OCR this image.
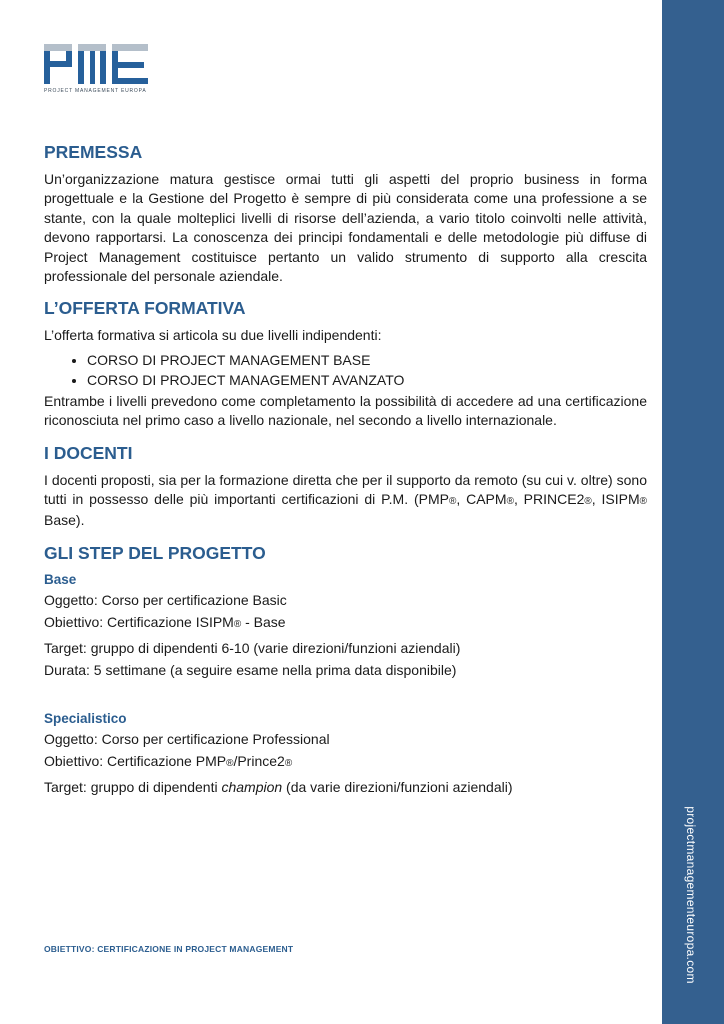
PROJECT MANAGEMENT EUROPA
PREMESSA

Un’organizzazione matura gestisce ormai tutti gli aspetti del proprio business in forma progettuale e la Gestione del Progetto è sempre di più considerata come una professione a se stante, con la quale molteplici livelli di risorse dell’azienda, a vario titolo coinvolti nelle attività, devono rapportarsi. La conoscenza dei principi fondamentali e delle metodologie più diffuse di Project Management costituisce pertanto un valido strumento di supporto alla crescita professionale del personale aziendale.

L’OFFERTA FORMATIVA

L’offerta formativa si articola su due livelli indipendenti:

• CORSO DI PROJECT MANAGEMENT BASE
• CORSO DI PROJECT MANAGEMENT AVANZATO

Entrambe i livelli prevedono come completamento la possibilità di accedere ad una certificazione riconosciuta nel primo caso a livello nazionale, nel secondo a livello internazionale.

I DOCENTI

I docenti proposti, sia per la formazione diretta che per il supporto da remoto (su cui v. oltre) sono tutti in possesso delle più importanti certificazioni di P.M. (PMP®, CAPM®, PRINCE2®, ISIPM® Base).

GLI STEP DEL PROGETTO
Base
Oggetto: Corso per certificazione Basic
Obiettivo: Certificazione ISIPM® - Base
Target: gruppo di dipendenti 6-10 (varie direzioni/funzioni aziendali)
Durata: 5 settimane (a seguire esame nella prima data disponibile)
Specialistico
Oggetto: Corso per certificazione Professional
Obiettivo: Certificazione PMP®/Prince2®
Target: gruppo di dipendenti champion (da varie direzioni/funzioni aziendali)
OBIETTIVO: CERTIFICAZIONE IN PROJECT MANAGEMENT	projectmanagementeuropa.com
